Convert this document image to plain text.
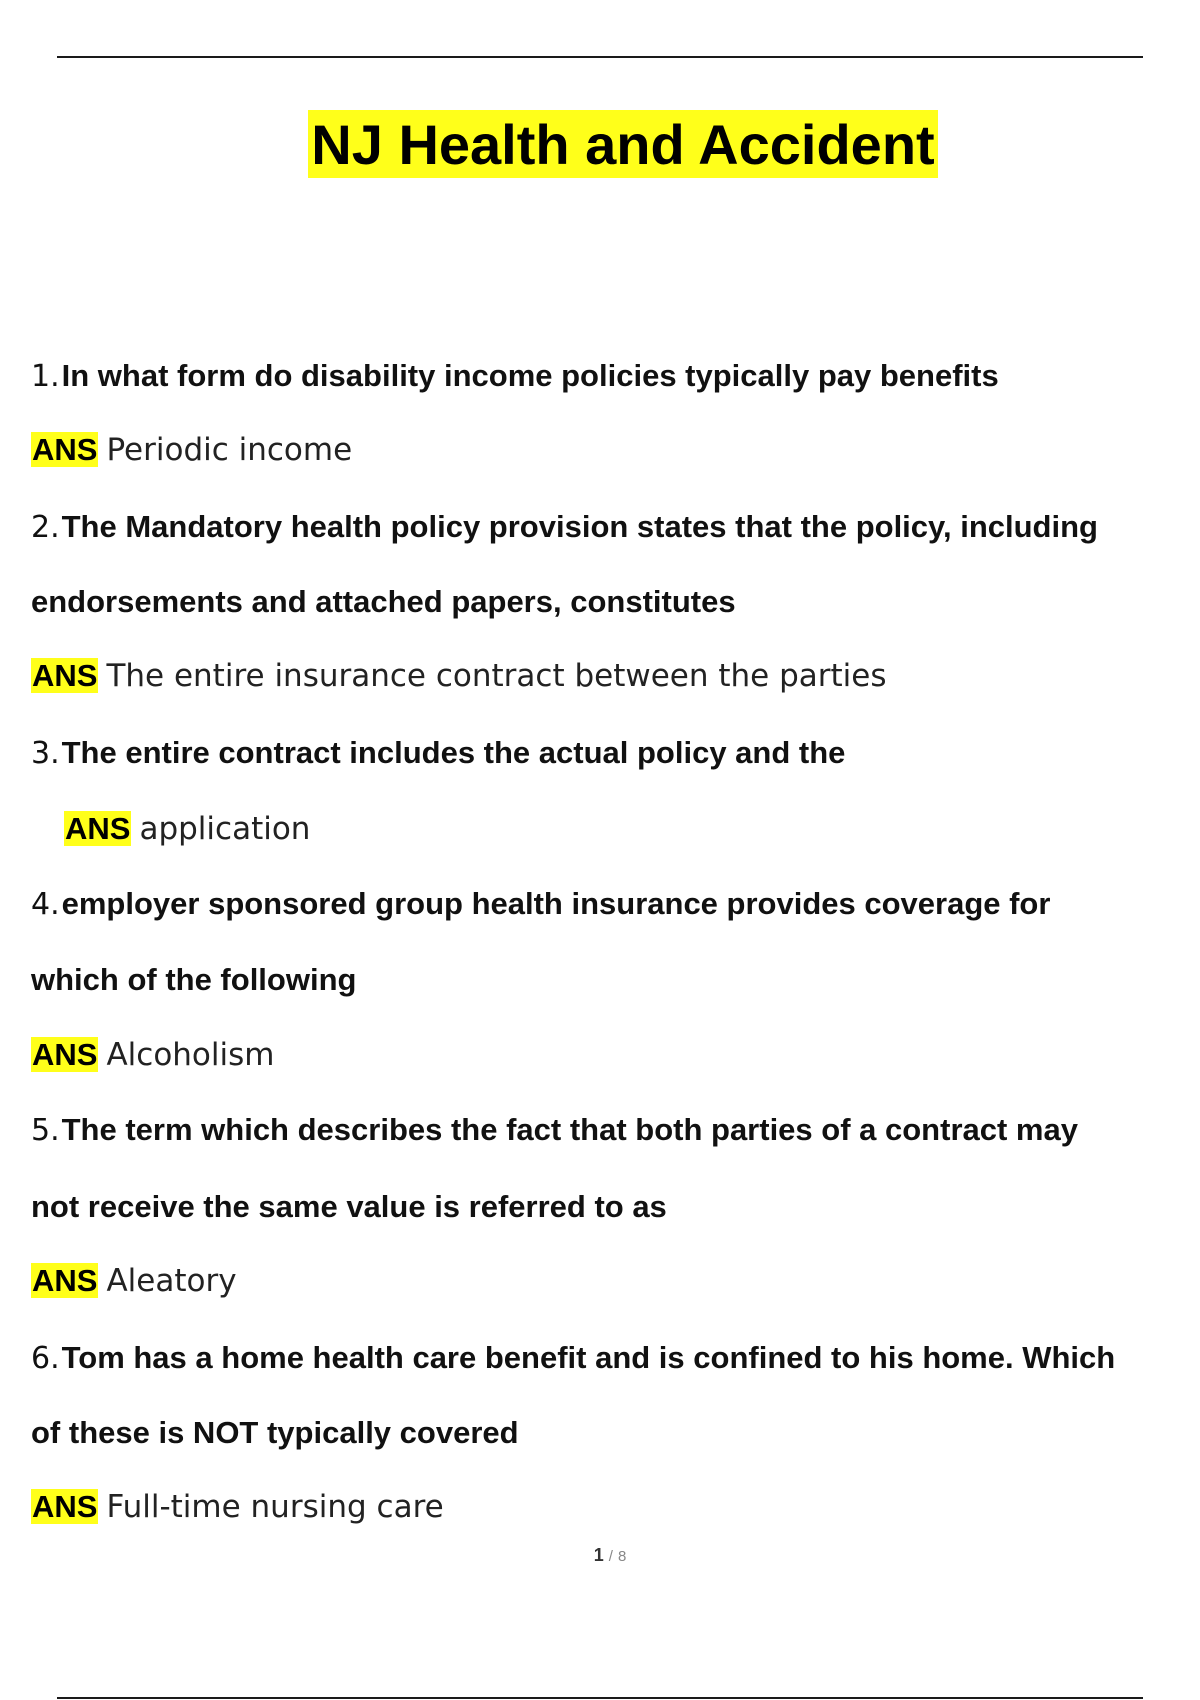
NJ Health and Accident
1.In what form do disability income policies typically pay benefits
ANS Periodic income
2.The Mandatory health policy provision states that the policy, including
endorsements and attached papers, constitutes
ANS The entire insurance contract between the parties
3.The entire contract includes the actual policy and the
ANS application
4.employer sponsored group health insurance provides coverage for
which of the following
ANS Alcoholism
5.The term which describes the fact that both parties of a contract may
not receive the same value is referred to as
ANS Aleatory
6.Tom has a home health care benefit and is confined to his home. Which
of these is NOT typically covered
ANS Full-time nursing care
1 / 8
